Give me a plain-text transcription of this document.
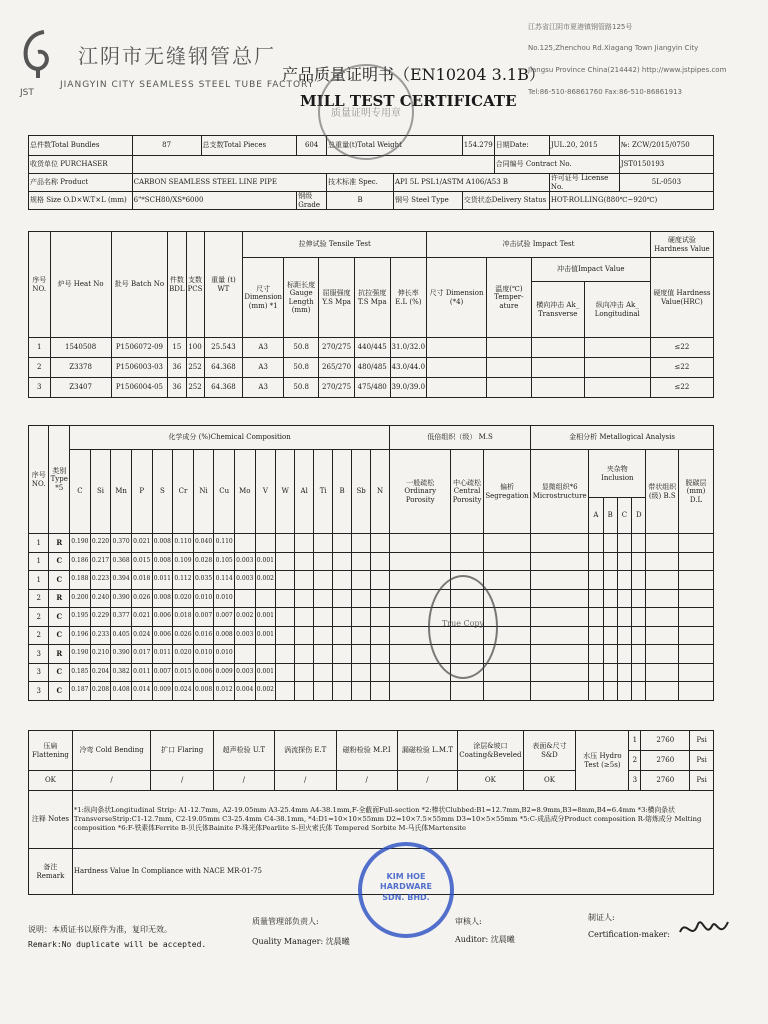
JST
江阴市无缝钢管总厂
JIANGYIN CITY SEAMLESS STEEL TUBE FACTORY
产品质量证明书（EN10204 3.1B）
MILL TEST CERTIFICATE
江苏省江阴市夏港镇钢管路125号
No.125,Zhenchou Rd.Xiagang Town Jiangyin City
Jiangsu Province China(214442) http://www.jstpipes.com
Tel:86-510-86861760 Fax:86-510-86861913
总件数Total Bundles	87	总支数Total Pieces	604	总重量(t)Total Weight		154.279	日期Date:	JUL.20, 2015	№: ZCW/2015/0750
收货单位 PURCHASER							合同编号 Contract No.		JST0150193
产品名称 Product	CARBON SEAMLESS STEEL LINE PIPE			技术标准 Spec.	API 5L PSL1/ASTM A106/A53 B			许可证号 License No.	5L-0503
规格 Size O.D×W.T×L (mm)	6"*SCH80/XS*6000		钢级 Grade	B	钢号 Steel Type	交货状态Delivery Status		HOT-ROLLING(880℃~920℃)	
序号 NO.	炉号 Heat No	批号 Batch No	件数 BDL	支数 PCS	重量 (t) WT	拉伸试验 Tensile Test					冲击试验 Impact Test				硬度试验 Hardness Value
						尺寸 Dimension (mm) *1	标距长度 Gauge Length (mm)	屈服强度 Y.S Mpa	抗拉强度 T.S Mpa	伸长率 E.L (%)	尺寸 Dimension (*4)	温度(℃) Temper-ature	冲击值Impact Value		硬度值 Hardness Value(HRC)
													横向冲击 Ak_ Transverse	纵向冲击 Ak_ Longitudinal	
1	1540508	P1506072-09	15	100	25.543	A3	50.8	270/275	440/445	31.0/32.0					≤22
2	Z3378	P1506003-03	36	252	64.368	A3	50.8	265/270	480/485	43.0/44.0					≤22
3	Z3407	P1506004-05	36	252	64.368	A3	50.8	270/275	475/480	39.0/39.0					≤22
序号 NO.	类别 Type *5	化学成分 (%)Chemical Composition																低倍组织（级） M.S			金相分析 Metallogical Analysis						
		C	Si	Mn	P	S	Cr	Ni	Cu	Mo	V	W	Al	Ti	B	Sb	N	一般疏松 Ordinary Porosity	中心疏松 Central Porosity	偏析 Segregation	显微组织*6 Microstructure	夹杂物 Inclusion				带状组织(级) B.S	脱碳层(mm) D.L
																						A	B	C	D		
1	R	0.190	0.220	0.370	0.021	0.008	0.110	0.040	0.110																		
1	C	0.186	0.217	0.368	0.015	0.008	0.109	0.028	0.105	0.003	0.001																
1	C	0.188	0.223	0.394	0.018	0.011	0.112	0.035	0.114	0.003	0.002																
2	R	0.200	0.240	0.390	0.026	0.008	0.020	0.010	0.010																		
2	C	0.195	0.229	0.377	0.021	0.006	0.018	0.007	0.007	0.002	0.001																
2	C	0.196	0.233	0.405	0.024	0.006	0.026	0.016	0.008	0.003	0.001																
3	R	0.190	0.210	0.390	0.017	0.011	0.020	0.010	0.010																		
3	C	0.185	0.204	0.382	0.011	0.007	0.015	0.006	0.009	0.003	0.001																
3	C	0.187	0.208	0.408	0.014	0.009	0.024	0.008	0.012	0.004	0.002																
压扁 Flattening	冷弯 Cold Bending	扩口 Flaring	超声检验 U.T	涡流探伤 E.T	磁粉检验 M.P.I	漏磁检验 L.M.T	涂层&坡口 Coating&Beveled	表面&尺寸 S&D	水压 Hydro Test (≥5s)	1	2760	Psi
										2	2760	Psi
OK	/	/	/	/	/	/	OK	OK		3	2760	Psi
注释 Notes	*1:纵向条状Longitudinal Strip: A1-12.7mm, A2-19.05mm A3-25.4mm A4-38.1mm,F-全截面Full-section *2:棒状Clubbed:B1=12.7mm,B2=8.9mm,B3=8mm,B4=6.4mm *3:横向条状TransverseStrip:C1-12.7mm, C2-19.05mm C3-25.4mm C4-38.1mm, *4:D1=10×10×55mm D2=10×7.5×55mm D3=10×5×55mm *5:C-成品成分Product composition R-熔炼成分 Melting composition *6:F-铁素体Ferrite B-贝氏体Bainite P-珠光体Pearlite S-回火索氏体 Tempered Sorbite M-马氏体Martensite											
备注 Remark	Hardness Value In Compliance with NACE MR-01-75											
说明：本质证书以原件为准，复印无效。
Remark:No duplicate will be accepted.
质量管理部负责人:
Quality Manager: 沈晨曦
审核人:
Auditor: 沈晨曦
制证人:
Certification-maker:
质量证明专用章
True Copy
KIM HOE HARDWARE SDN. BHD.
